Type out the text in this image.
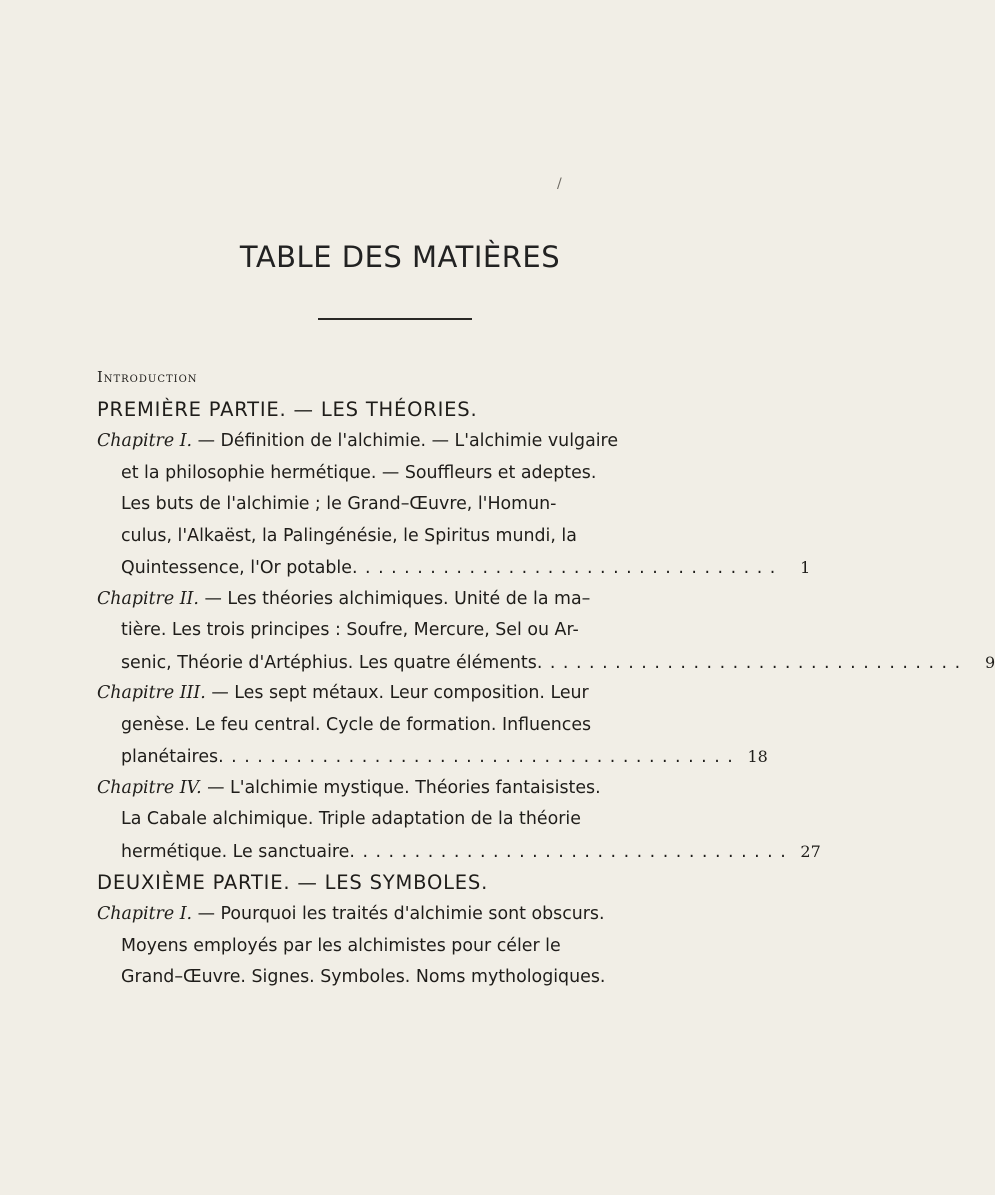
/
TABLE DES MATIÈRES
Introduction
PREMIÈRE PARTIE. — LES THÉORIES.
Chapitre I. — Définition de l'alchimie. — L'alchimie vulgaire
et la philosophie hermétique. — Souffleurs et adeptes.
Les buts de l'alchimie ; le Grand–Œuvre, l'Homun-
culus, l'Alkaëst, la Palingénésie, le Spiritus mundi, la
Quintessence, l'Or potable . . . . . . . . . . . . . . . . . . . . . . . . . . . . . . . . .	1
Chapitre II. — Les théories alchimiques. Unité de la ma–
tière. Les trois principes : Soufre, Mercure, Sel ou Ar-
senic, Théorie d'Artéphius. Les quatre éléments . . . . . . . . . . . . . . . . . . . . . . . . . . . . . . . . .	9
Chapitre III. — Les sept métaux. Leur composition. Leur
genèse. Le feu central. Cycle de formation. Influences
planétaires . . . . . . . . . . . . . . . . . . . . . . . . . . . . . . . . . . . . . . . . 18
Chapitre IV. — L'alchimie mystique. Théories fantaisistes.
La Cabale alchimique. Triple adaptation de la théorie
hermétique. Le sanctuaire . . . . . . . . . . . . . . . . . . . . . . . . . . . . . . . . . . 27
DEUXIÈME PARTIE. — LES SYMBOLES.
Chapitre I. — Pourquoi les traités d'alchimie sont obscurs.
Moyens employés par les alchimistes pour céler le
Grand–Œuvre. Signes. Symboles. Noms mythologiques.
